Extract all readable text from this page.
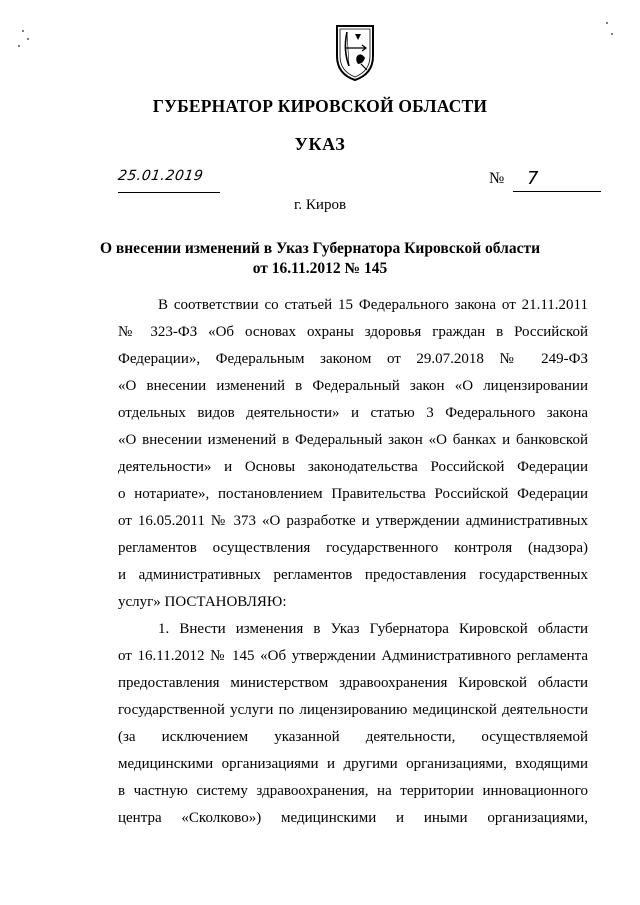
ГУБЕРНАТОР КИРОВСКОЙ ОБЛАСТИ
УКАЗ
25.01.2019	№ 7
г. Киров
О внесении изменений в Указ Губернатора Кировской области
от 16.11.2012 № 145

В соответствии со статьей 15 Федерального закона от 21.11.2011

№ 323-ФЗ «Об основах охраны здоровья граждан в Российской

Федерации», Федеральным законом от 29.07.2018 № 249-ФЗ

«О внесении изменений в Федеральный закон «О лицензировании

отдельных видов деятельности» и статью 3 Федерального закона

«О внесении изменений в Федеральный закон «О банках и банковской

деятельности» и Основы законодательства Российской Федерации

о нотариате», постановлением Правительства Российской Федерации

от 16.05.2011 № 373 «О разработке и утверждении административных

регламентов осуществления государственного контроля (надзора)

и административных регламентов предоставления государственных

услуг» ПОСТАНОВЛЯЮ:

1. Внести изменения в Указ Губернатора Кировской области

от 16.11.2012 № 145 «Об утверждении Административного регламента

предоставления министерством здравоохранения Кировской области

государственной услуги по лицензированию медицинской деятельности

(за исключением указанной деятельности, осуществляемой

медицинскими организациями и другими организациями, входящими

в частную систему здравоохранения, на территории инновационного

центра «Сколково») медицинскими и иными организациями,
